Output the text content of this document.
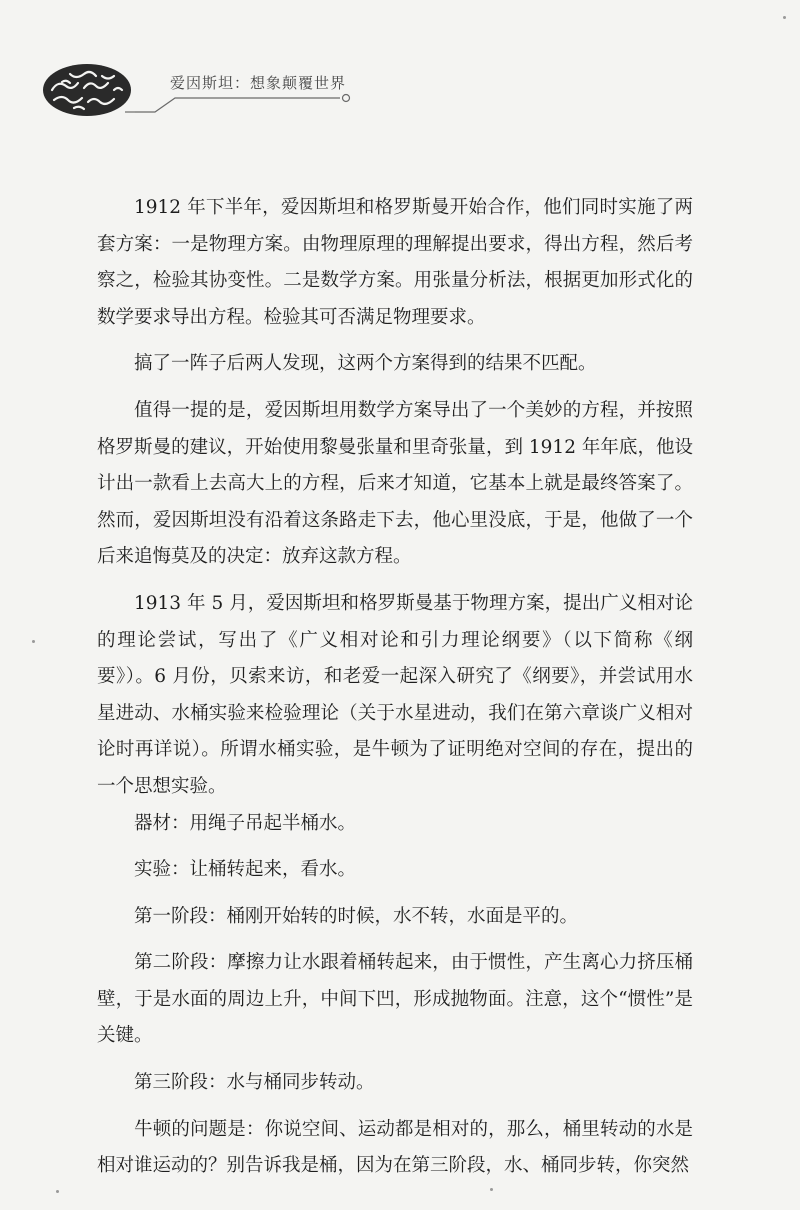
爱因斯坦：想象颠覆世界

1912 年下半年，爱因斯坦和格罗斯曼开始合作，他们同时实施了两套方案：一是物理方案。由物理原理的理解提出要求，得出方程，然后考察之，检验其协变性。二是数学方案。用张量分析法，根据更加形式化的数学要求导出方程。检验其可否满足物理要求。

搞了一阵子后两人发现，这两个方案得到的结果不匹配。

值得一提的是，爱因斯坦用数学方案导出了一个美妙的方程，并按照格罗斯曼的建议，开始使用黎曼张量和里奇张量，到 1912 年年底，他设计出一款看上去高大上的方程，后来才知道，它基本上就是最终答案了。然而，爱因斯坦没有沿着这条路走下去，他心里没底，于是，他做了一个后来追悔莫及的决定：放弃这款方程。

1913 年 5 月，爱因斯坦和格罗斯曼基于物理方案，提出广义相对论的理论尝试，写出了《广义相对论和引力理论纲要》（以下简称《纲要》）。6 月份，贝索来访，和老爱一起深入研究了《纲要》，并尝试用水星进动、水桶实验来检验理论（关于水星进动，我们在第六章谈广义相对论时再详说）。所谓水桶实验，是牛顿为了证明绝对空间的存在，提出的一个思想实验。

器材：用绳子吊起半桶水。

实验：让桶转起来，看水。

第一阶段：桶刚开始转的时候，水不转，水面是平的。

第二阶段：摩擦力让水跟着桶转起来，由于惯性，产生离心力挤压桶壁，于是水面的周边上升，中间下凹，形成抛物面。注意，这个“惯性”是关键。

第三阶段：水与桶同步转动。

牛顿的问题是：你说空间、运动都是相对的，那么，桶里转动的水是相对谁运动的？别告诉我是桶，因为在第三阶段，水、桶同步转，你突然
